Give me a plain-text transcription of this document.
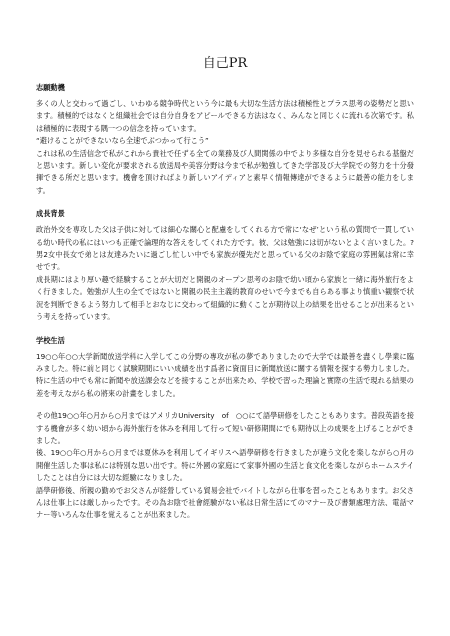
自己PR
志願動機

多くの人と交わって過ごし、いわゆる競争時代という今に最も大切な生活方法は積極性とプラス思考の姿勢だと思います。積極的ではなくと組織社会では自分自身をアピールできる方法はなく、みんなと同じくに流れる次第です。私は積極的に表現する隅一つの信念を持っています。

“避けることができないなら全速でぶつかって行こう”

これは私の生活信念で私がこれから貴社で任ずる全ての業務及び人間関係の中でより多様な自分を見せられる基盤だと思います。新しい変化が要求される放送局や美容分野は今まで私が勉強してきた学部及び大学院での努力を十分發揮できる所だと思います。機會を頂ければより新しいアイディアと素早く情報傳達ができるように最善の能力をします。

成長背景

政治外交を専攻した父は子供に対しては細心な關心と配慮をしてくれる方で常に‘なぜ’という私の質問で一貫している幼い時代の私にはいつも正確で論理的な答えをしてくれた方です。彼、父は勉強には切がないとよく言いました。?男2女中長女で弟とは友達みたいに過ごし忙しい中でも家族が優先だと思っている父のお陰で家庭の雰囲氣は常に幸せです。

成長期にはより厚い趣で経験することが大切だと開親のオープン思考のお陰で幼い頃から家族と一緒に海外旅行をよく行きました。勉強が人生の全てではないと開親の民主主義的教育のせいで今までも自らある事より慎重い観察で状況を判断できるよう努力して相手とおなじに交わって組織的に動くことが期待以上の結果を出せることが出来るという考えを持っています。

学校生活

19○○年○○大学新聞放送学科に入学してこの分野の專攻が私の夢でありましたので大学では最善を盡くし學業に臨みました。特に前と同じく試験期間にいい成績を出す爲者に資面目に新聞放送に關する情報を探する勢力しました。特に生活の中でも常に新聞や放送課会などを接することが出来ため、学校で習った理論と實際の生活で現れる結果の差を考えながら私の將來の計畫をしました。

その他19○○年○月から○月まではアメリカUniversity　of　○○にて語學研修をしたこともあります。普段英語を接する機會が多く幼い頃から海外旅行を休みを利用して行って短い研修期間にでも期待以上の成果を上げることができました。

後、19○○年○月から○月までは夏休みを利用してイギリスへ語學研修を行きましたが違う文化を楽しながら○月の開催生活した事は私には特別な思い出です。特に外國の家庭にて家事外國の生活と食文化を楽しながらホームステイしたことは自分には大切な經驗になりました。

語學研修後、所親の勤めでお父さんが経營している貿易会社でバイトしながら仕事を習ったこともあります。お父さんは仕事上には厳しかったです。その為お陰で社會經驗がない私は日常生活にてのマナー及び書類處理方法、電話マナー等いろんな仕事を覚えることが出來ました。
